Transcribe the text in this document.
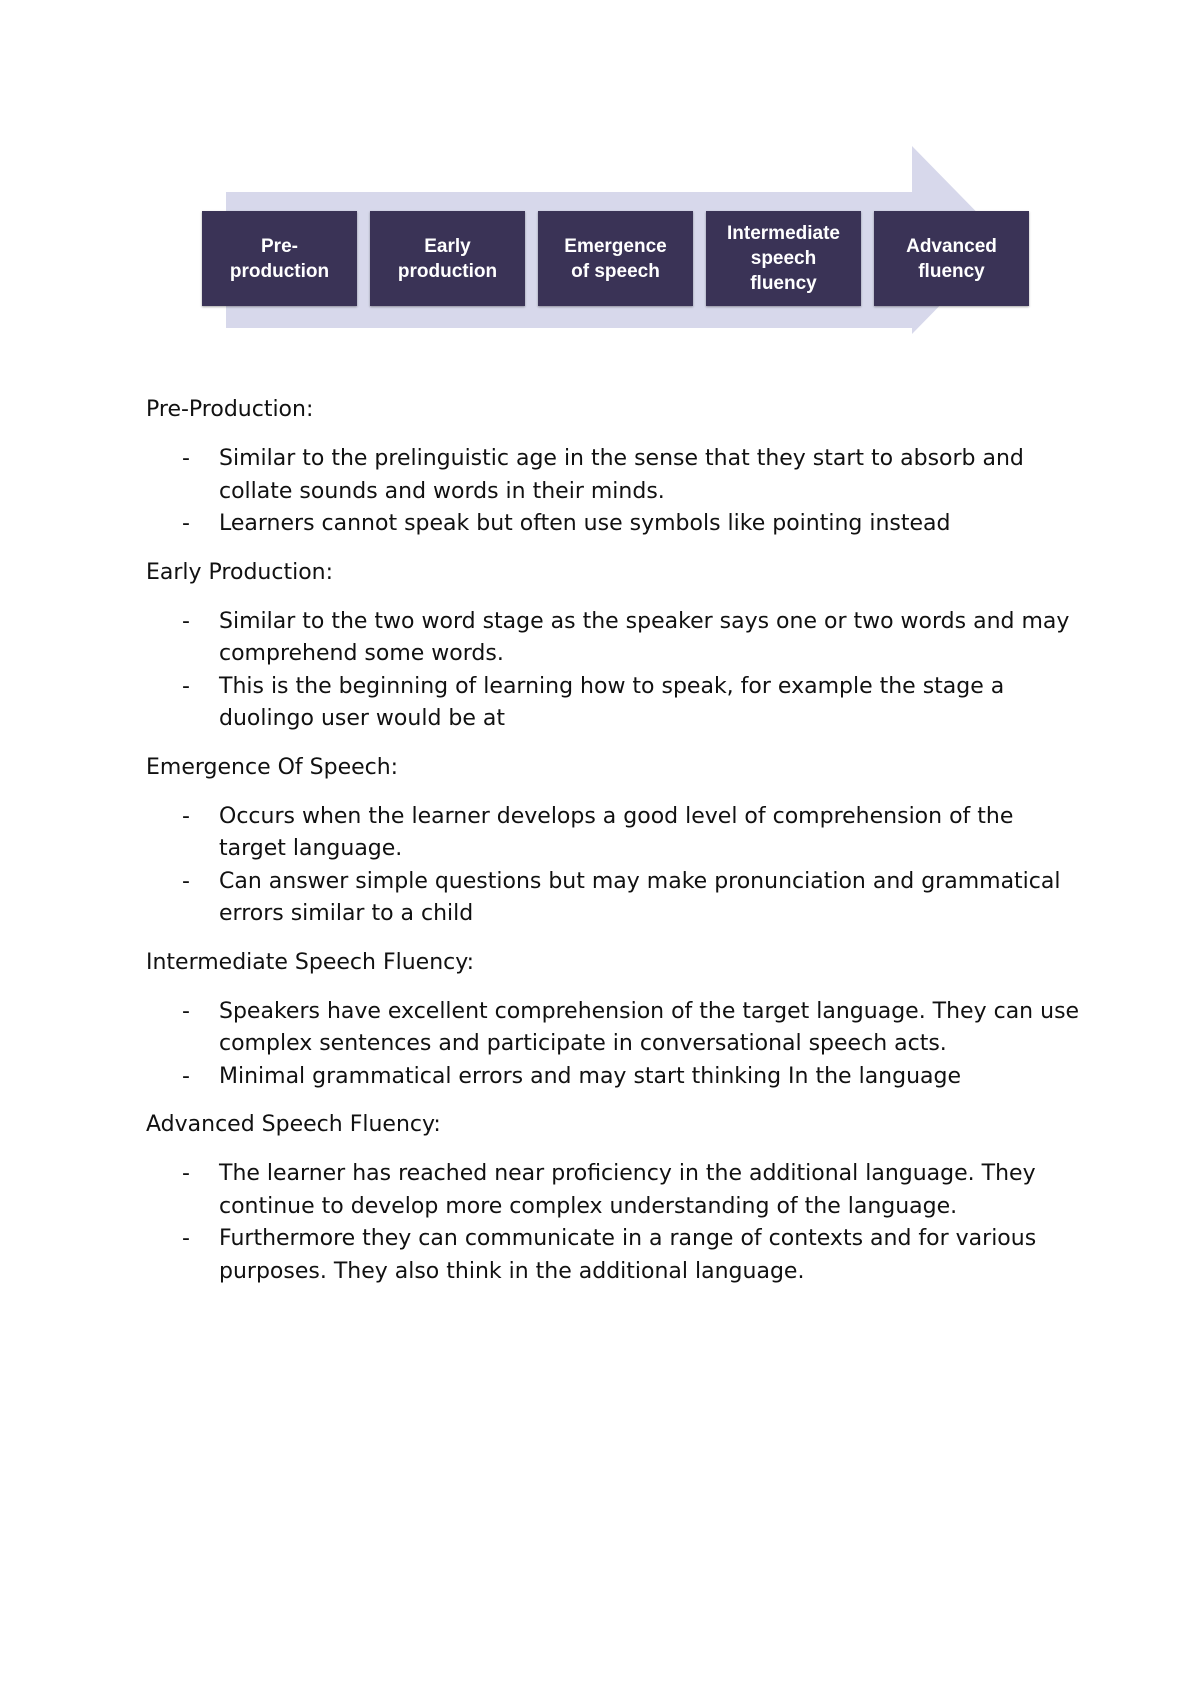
Pre-
production
Early
production
Emergence
of speech
Intermediate
speech
fluency
Advanced
fluency

Pre-Production:

- Similar to the prelinguistic age in the sense that they start to absorb and collate sounds and words in their minds.
- Learners cannot speak but often use symbols like pointing instead

Early Production:

- Similar to the two word stage as the speaker says one or two words and may comprehend some words.
- This is the beginning of learning how to speak, for example the stage a duolingo user would be at

Emergence Of Speech:

- Occurs when the learner develops a good level of comprehension of the target language.
- Can answer simple questions but may make pronunciation and grammatical errors similar to a child

Intermediate Speech Fluency:

- Speakers have excellent comprehension of the target language. They can use complex sentences and participate in conversational speech acts.
- Minimal grammatical errors and may start thinking In the language

Advanced Speech Fluency:

- The learner has reached near proficiency in the additional language. They continue to develop more complex understanding of the language.
- Furthermore they can communicate in a range of contexts and for various purposes. They also think in the additional language.
